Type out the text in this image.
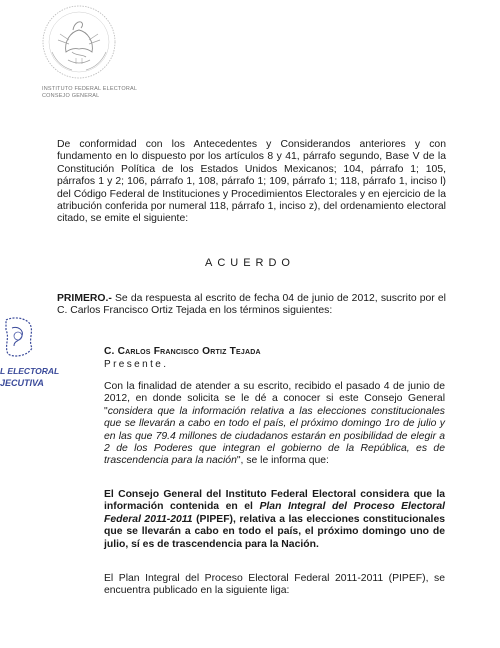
INSTITUTO FEDERAL ELECTORAL
CONSEJO GENERAL
L ELECTORAL
JECUTIVA

De conformidad con los Antecedentes y Considerandos anteriores y con fundamento en lo dispuesto por los artículos 8 y 41, párrafo segundo, Base V de la Constitución Política de los Estados Unidos Mexicanos; 104, párrafo 1; 105, párrafos 1 y 2; 106, párrafo 1, 108, párrafo 1; 109, párrafo 1; 118, párrafo 1, inciso l) del Código Federal de Instituciones y Procedimientos Electorales y en ejercicio de la atribución conferida por numeral 118, párrafo 1, inciso z), del ordenamiento electoral citado, se emite el siguiente:

ACUERDO

PRIMERO.- Se da respuesta al escrito de fecha 04 de junio de 2012, suscrito por el C. Carlos Francisco Ortiz Tejada en los términos siguientes:

C. Carlos Francisco Ortiz Tejada
Presente.

Con la finalidad de atender a su escrito, recibido el pasado 4 de junio de 2012, en donde solicita se le dé a conocer si este Consejo General "considera que la información relativa a las elecciones constitucionales que se llevarán a cabo en todo el país, el próximo domingo 1ro de julio y en las que 79.4 millones de ciudadanos estarán en posibilidad de elegir a 2 de los Poderes que integran el gobierno de la República, es de trascendencia para la nación", se le informa que:

El Consejo General del Instituto Federal Electoral considera que la información contenida en el Plan Integral del Proceso Electoral Federal 2011-2011 (PIPEF), relativa a las elecciones constitucionales que se llevarán a cabo en todo el país, el próximo domingo uno de julio, sí es de trascendencia para la Nación.

El Plan Integral del Proceso Electoral Federal 2011-2011 (PIPEF), se encuentra publicado en la siguiente liga:
